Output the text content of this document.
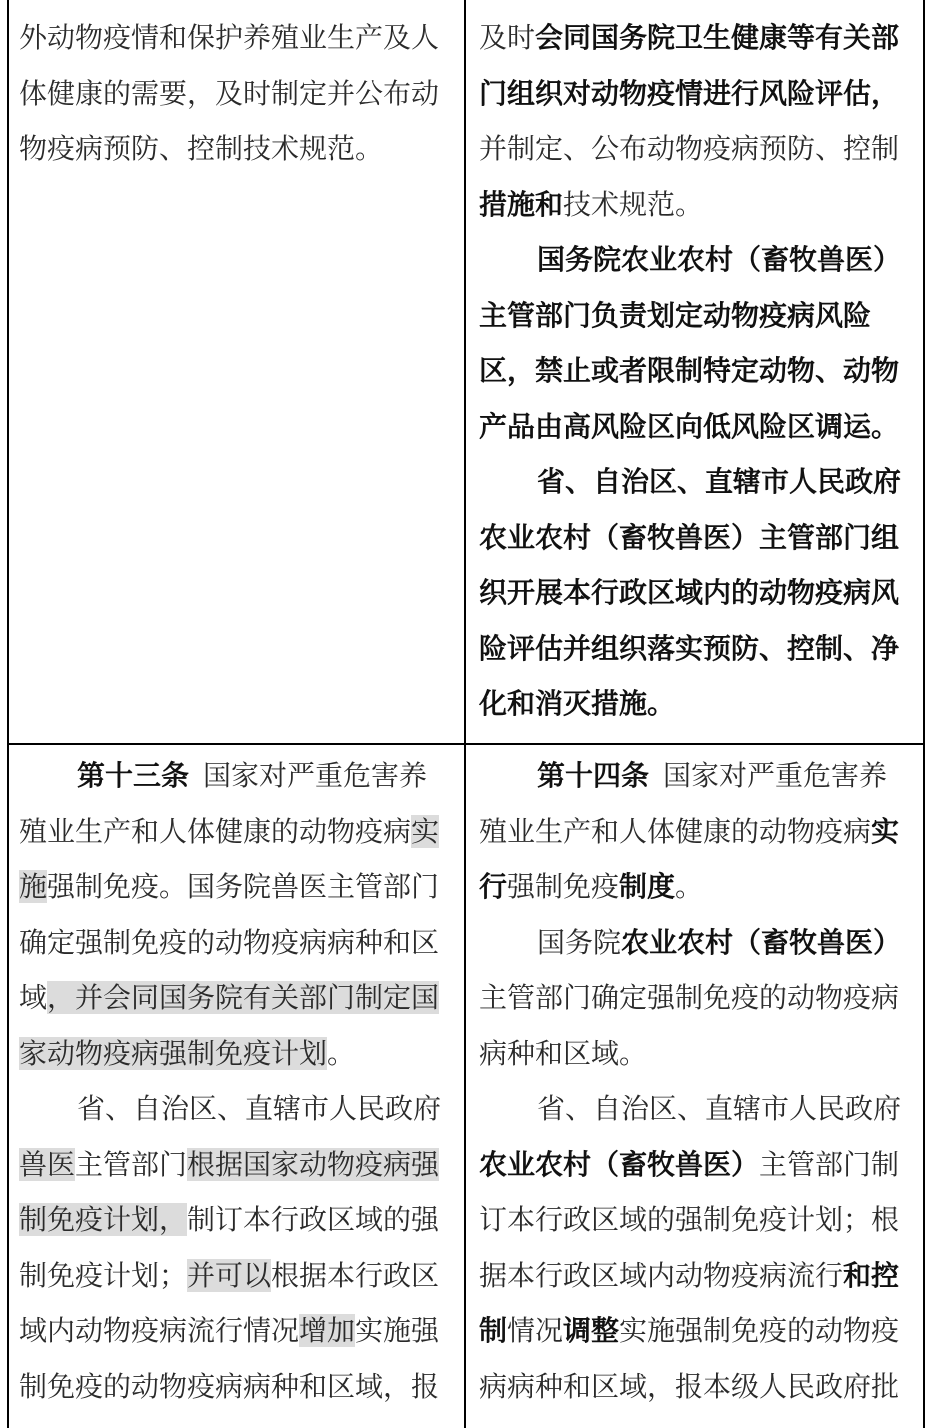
外动物疫情和保护养殖业生产及人
体健康的需要，及时制定并公布动
物疫病预防、控制技术规范。
及时会同国务院卫生健康等有关部
门组织对动物疫情进行风险评估，
并制定、公布动物疫病预防、控制
措施和技术规范。
国务院农业农村（畜牧兽医）
主管部门负责划定动物疫病风险
区，禁止或者限制特定动物、动物
产品由高风险区向低风险区调运。
省、自治区、直辖市人民政府
农业农村（畜牧兽医）主管部门组
织开展本行政区域内的动物疫病风
险评估并组织落实预防、控制、净
化和消灭措施。
第十三条 国家对严重危害养
殖业生产和人体健康的动物疫病实
施强制免疫。国务院兽医主管部门
确定强制免疫的动物疫病病种和区
域，并会同国务院有关部门制定国
家动物疫病强制免疫计划。
省、自治区、直辖市人民政府
兽医主管部门根据国家动物疫病强
制免疫计划，制订本行政区域的强
制免疫计划；并可以根据本行政区
域内动物疫病流行情况增加实施强
制免疫的动物疫病病种和区域，报
第十四条 国家对严重危害养
殖业生产和人体健康的动物疫病实
行强制免疫制度。
国务院农业农村（畜牧兽医）
主管部门确定强制免疫的动物疫病
病种和区域。
省、自治区、直辖市人民政府
农业农村（畜牧兽医）主管部门制
订本行政区域的强制免疫计划；根
据本行政区域内动物疫病流行和控
制情况调整实施强制免疫的动物疫
病病种和区域，报本级人民政府批
